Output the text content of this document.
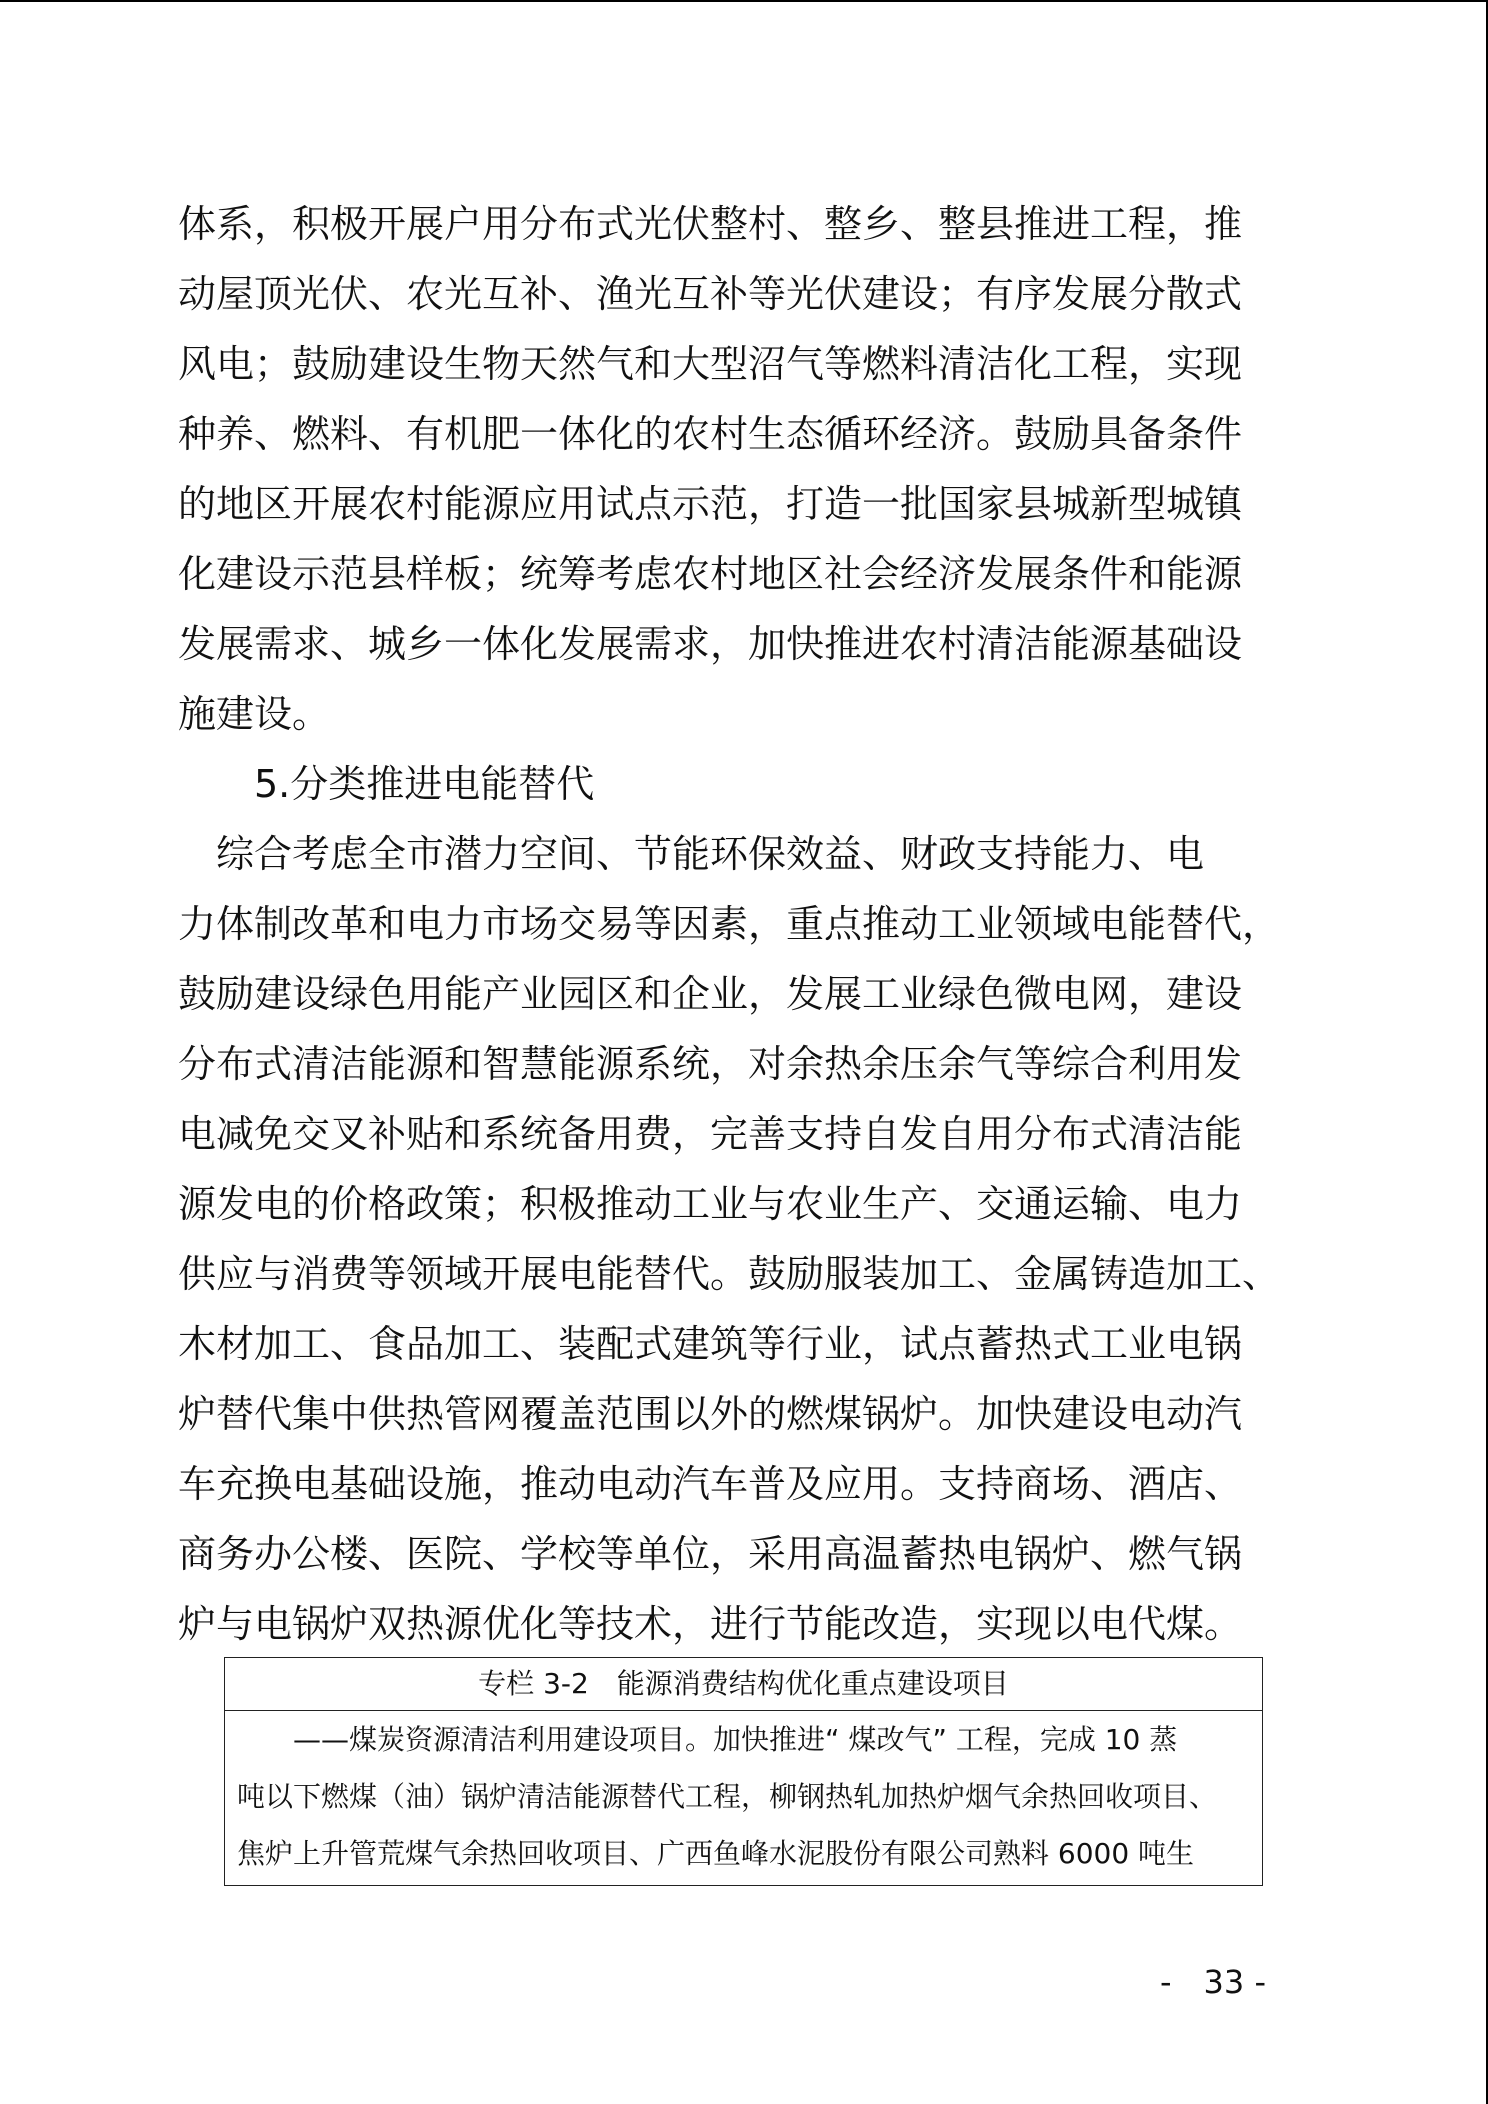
体系，积极开展户用分布式光伏整村、整乡、整县推进工程，推
动屋顶光伏、农光互补、渔光互补等光伏建设；有序发展分散式
风电；鼓励建设生物天然气和大型沼气等燃料清洁化工程，实现
种养、燃料、有机肥一体化的农村生态循环经济。鼓励具备条件
的地区开展农村能源应用试点示范，打造一批国家县城新型城镇
化建设示范县样板；统筹考虑农村地区社会经济发展条件和能源
发展需求、城乡一体化发展需求，加快推进农村清洁能源基础设
施建设。
5.分类推进电能替代
　综合考虑全市潜力空间、节能环保效益、财政支持能力、电
力体制改革和电力市场交易等因素，重点推动工业领域电能替代，
鼓励建设绿色用能产业园区和企业，发展工业绿色微电网，建设
分布式清洁能源和智慧能源系统，对余热余压余气等综合利用发
电减免交叉补贴和系统备用费，完善支持自发自用分布式清洁能
源发电的价格政策；积极推动工业与农业生产、交通运输、电力
供应与消费等领域开展电能替代。鼓励服装加工、金属铸造加工、
木材加工、食品加工、装配式建筑等行业，试点蓄热式工业电锅
炉替代集中供热管网覆盖范围以外的燃煤锅炉。加快建设电动汽
车充换电基础设施，推动电动汽车普及应用。支持商场、酒店、
商务办公楼、医院、学校等单位，采用高温蓄热电锅炉、燃气锅
炉与电锅炉双热源优化等技术，进行节能改造，实现以电代煤。
专栏 3-2　能源消费结构优化重点建设项目
　　——煤炭资源清洁利用建设项目。加快推进“ 煤改气” 工程，完成 10 蒸
吨以下燃煤（油）锅炉清洁能源替代工程，柳钢热轧加热炉烟气余热回收项目、
焦炉上升管荒煤气余热回收项目、广西鱼峰水泥股份有限公司熟料 6000 吨生
-　33 -
